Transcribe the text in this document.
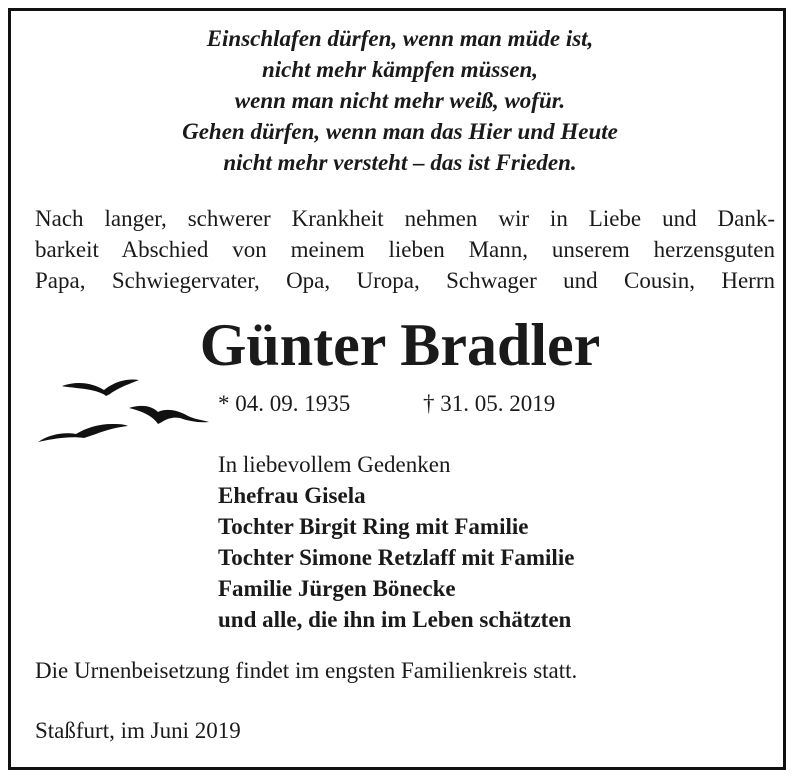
Einschlafen dürfen, wenn man müde ist,
nicht mehr kämpfen müssen,
wenn man nicht mehr weiß, wofür.
Gehen dürfen, wenn man das Hier und Heute
nicht mehr versteht – das ist Frieden.
Nach langer, schwerer Krankheit nehmen wir in Liebe und Dank-
barkeit Abschied von meinem lieben Mann, unserem herzensguten
Papa, Schwiegervater, Opa, Uropa, Schwager und Cousin, Herrn
Günter Bradler
* 04. 09. 1935	† 31. 05. 2019
In liebevollem Gedenken
Ehefrau Gisela
Tochter Birgit Ring mit Familie
Tochter Simone Retzlaff mit Familie
Familie Jürgen Bönecke
und alle, die ihn im Leben schätzten
Die Urnenbeisetzung findet im engsten Familienkreis statt.
Staßfurt, im Juni 2019
